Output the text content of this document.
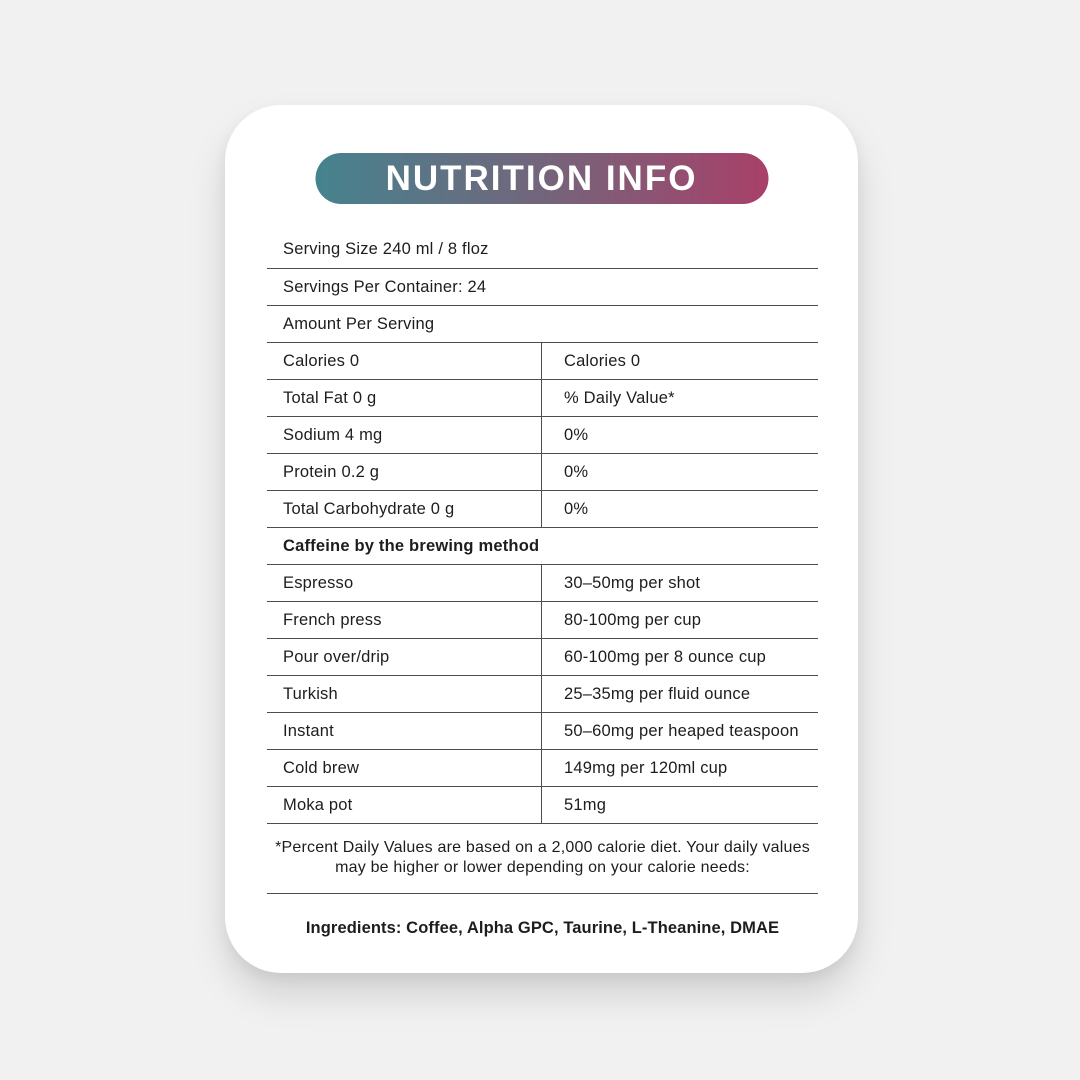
NUTRITION INFO
Serving Size 240 ml / 8 floz
Servings Per Container: 24
Amount Per Serving
Calories 0	Calories 0
Total Fat 0 g	% Daily Value*
Sodium 4 mg	0%
Protein 0.2 g	0%
Total Carbohydrate 0 g	0%
Caffeine by the brewing method
Espresso	30–50mg per shot
French press	80-100mg per cup
Pour over/drip	60-100mg per 8 ounce cup
Turkish	25–35mg per fluid ounce
Instant	50–60mg per heaped teaspoon
Cold brew	149mg per 120ml cup
Moka pot	51mg
*Percent Daily Values are based on a 2,000 calorie diet. Your daily values may be higher or lower depending on your calorie needs:
Ingredients: Coffee, Alpha GPC, Taurine, L-Theanine, DMAE
